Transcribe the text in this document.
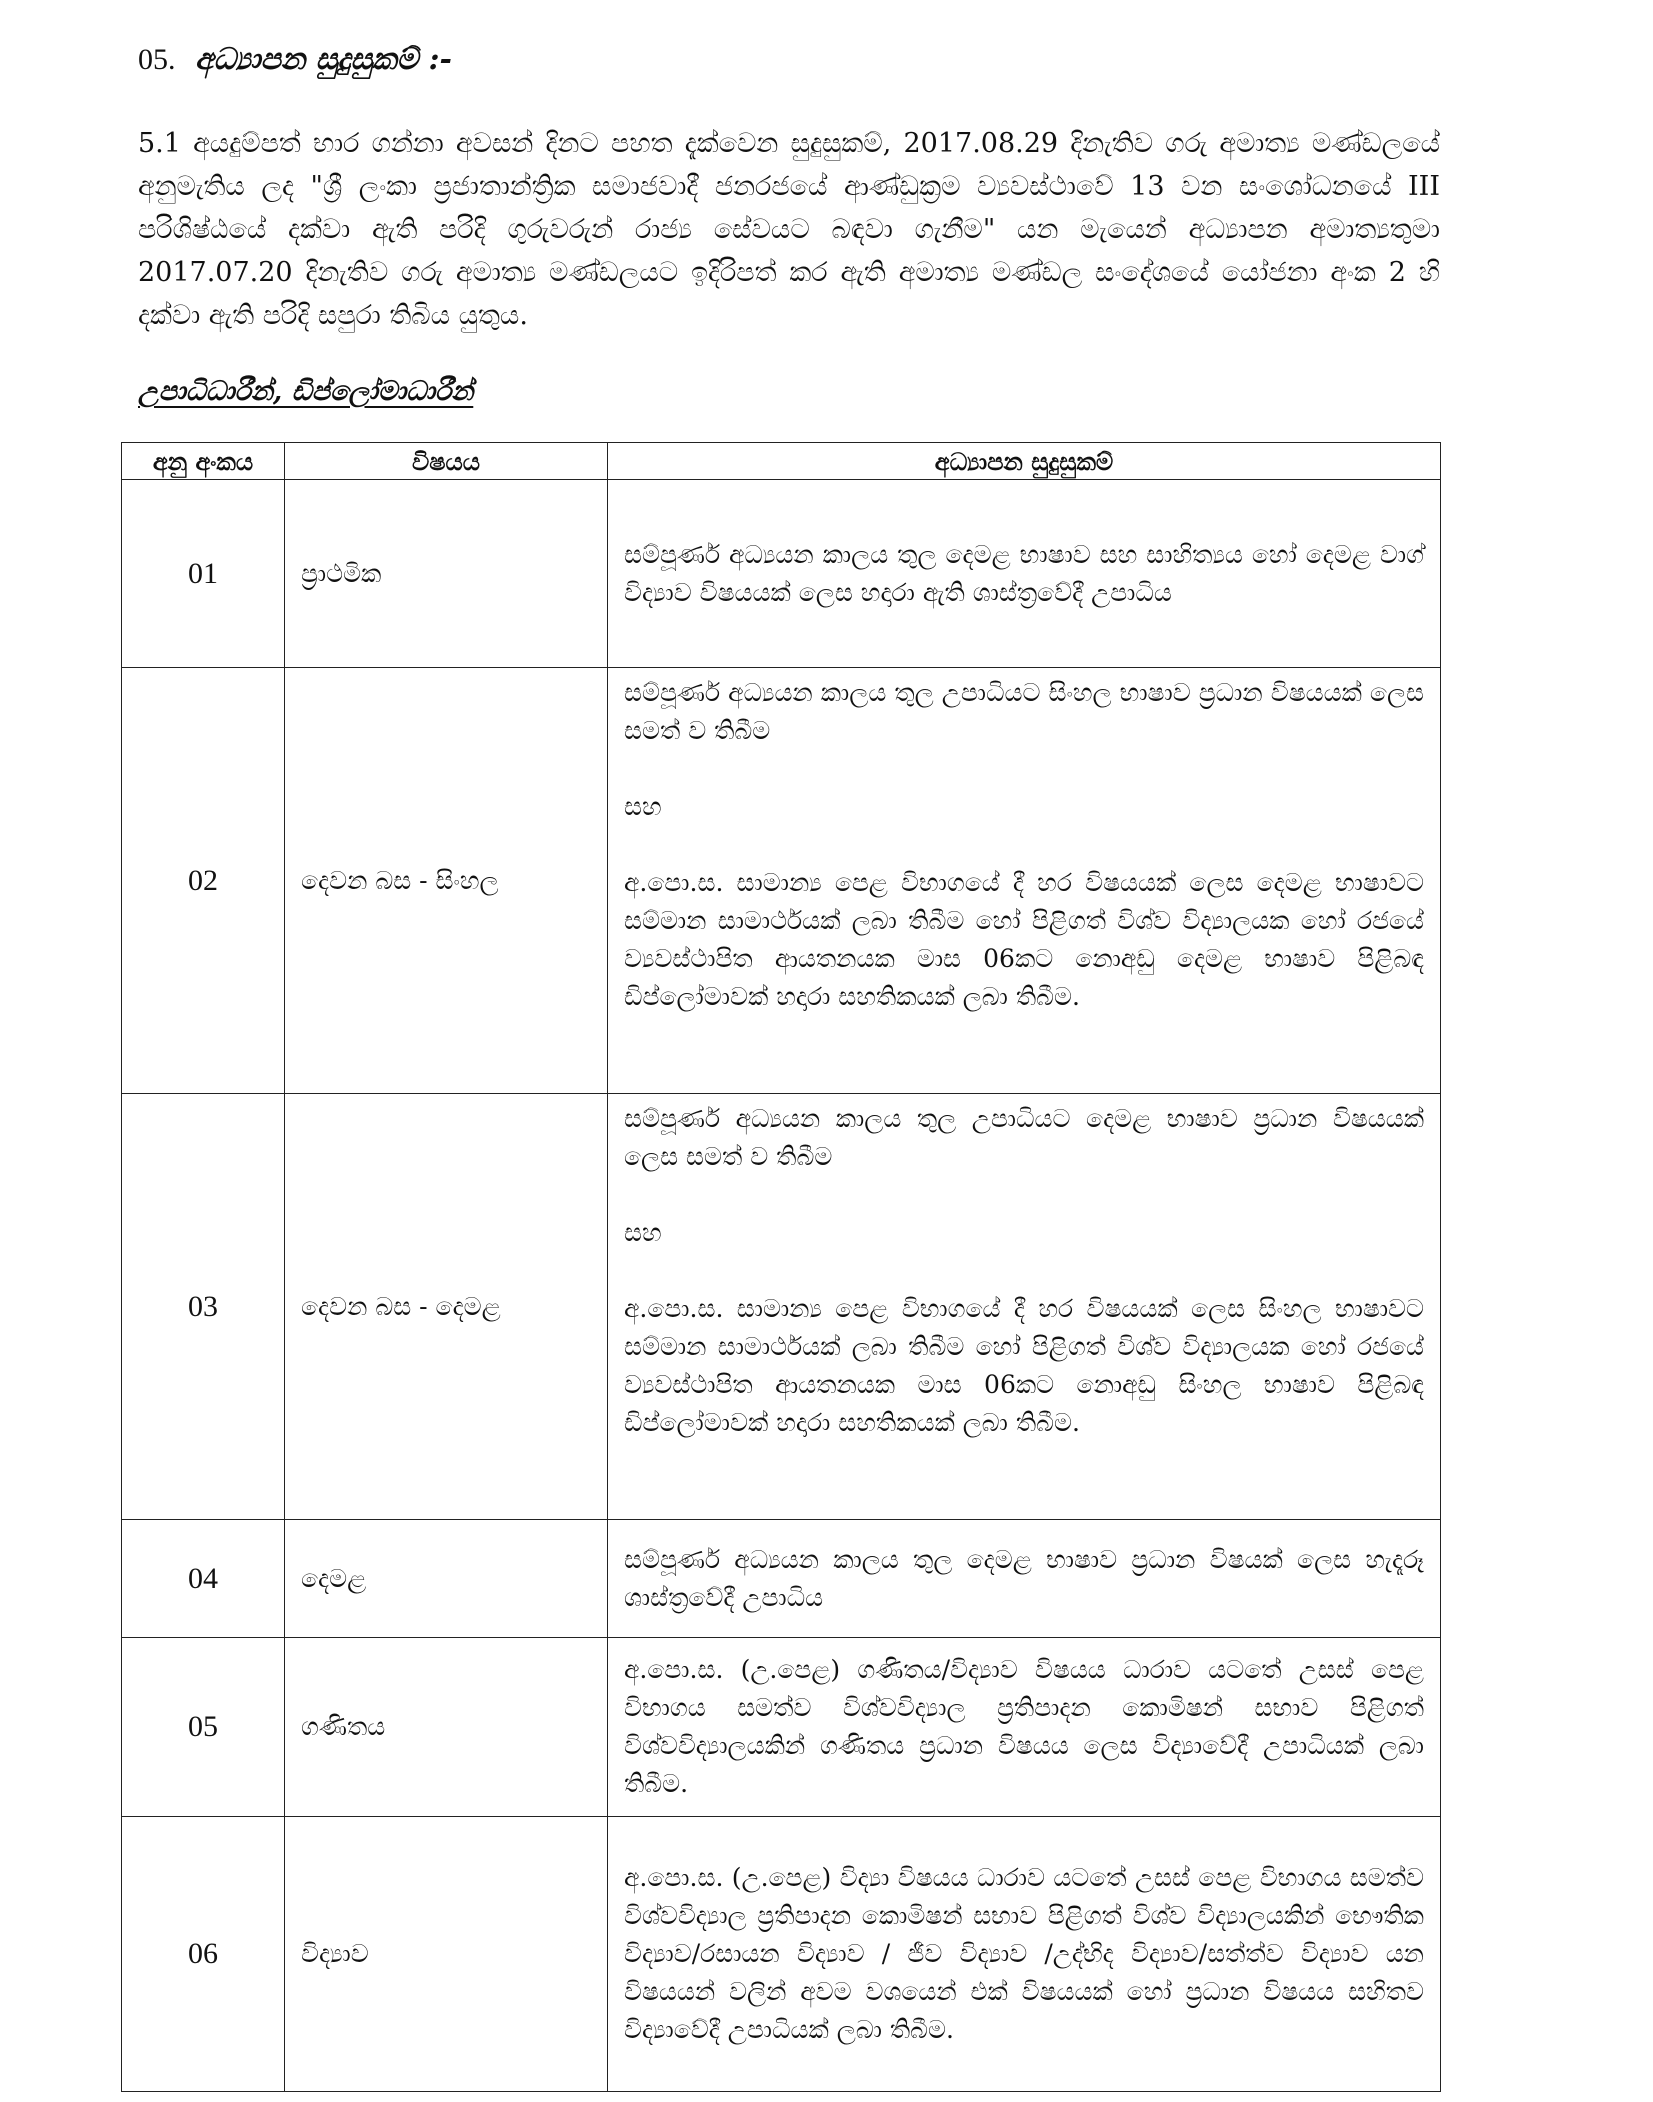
05. අධ්‍යාපන සුදුසුකම් :-
5.1 අයදුම්පත් භාර ගන්නා අවසන් දිනට පහත දැක්වෙන සුදුසුකම්, 2017.08.29 දිනැතිව ගරු අමාත්‍ය මණ්ඩලයේ අනුමැතිය ලද "ශ්‍රී ලංකා ප්‍රජාතාන්ත්‍රික සමාජවාදී ජනරජයේ ආණ්ඩුක්‍රම ව්‍යවස්ථාවේ 13 වන සංශෝධනයේ III පරිශිෂ්ඨයේ දක්වා ඇති පරිදි ගුරුවරුන් රාජ්‍ය සේවයට බඳවා ගැනීම" යන මැයෙන් අධ්‍යාපන අමාත්‍යතුමා 2017.07.20 දිනැතිව ගරු අමාත්‍ය මණ්ඩලයට ඉදිරිපත් කර ඇති අමාත්‍ය මණ්ඩල සංදේශයේ යෝජනා අංක 2 හි දක්වා ඇති පරිදි සපුරා තිබිය යුතුය.
උපාධිධාරීන්, ඩිප්ලෝමාධාරීන්
අනු අංකය	විෂයය	අධ්‍යාපන සුදුසුකම්
01	ප්‍රාථමික	සම්පූර්ණ අධ්‍යයන කාලය තුල දෙමළ භාෂාව සහ සාහිත්‍යය හෝ දෙමළ වාග් විද්‍යාව විෂයයක් ලෙස හදාරා ඇති ශාස්ත්‍රවේදී උපාධිය

02	දෙවන බස - සිංහල	සම්පූර්ණ අධ්‍යයන කාලය තුල උපාධියට සිංහල භාෂාව ප්‍රධාන විෂයයක් ලෙස සමත් ව තිබීම

සහ

අ.පො.ස. සාමාන්‍ය පෙළ විභාගයේ දී හර විෂයයක් ලෙස දෙමළ භාෂාවට සම්මාන සාමාර්ථයක් ලබා තිබීම හෝ පිළිගත් විශ්ව විද්‍යාලයක හෝ රජයේ ව්‍යවස්ථාපිත ආයතනයක මාස 06කට නොඅඩු දෙමළ භාෂාව පිළිබඳ ඩිප්ලෝමාවක් හදාරා සහතිකයක් ලබා තිබීම.

03	දෙවන බස - දෙමළ	සම්පූර්ණ අධ්‍යයන කාලය තුල උපාධියට දෙමළ භාෂාව ප්‍රධාන විෂයයක් ලෙස සමත් ව තිබීම

සහ

අ.පො.ස. සාමාන්‍ය පෙළ විභාගයේ දී හර විෂයයක් ලෙස සිංහල භාෂාවට සම්මාන සාමාර්ථයක් ලබා තිබීම හෝ පිළිගත් විශ්ව විද්‍යාලයක හෝ රජයේ ව්‍යවස්ථාපිත ආයතනයක මාස 06කට නොඅඩු සිංහල භාෂාව පිළිබඳ ඩිප්ලෝමාවක් හදාරා සහතිකයක් ලබා තිබීම.

04	දෙමළ	සම්පූර්ණ අධ්‍යයන කාලය තුල දෙමළ භාෂාව ප්‍රධාන විෂයක් ලෙස හැදෑරූ ශාස්ත්‍රවේදී උපාධිය

05	ගණිතය	අ.පො.ස. (උ.පෙළ) ගණිතය/විද්‍යාව විෂයය ධාරාව යටතේ උසස් පෙළ විභාගය සමත්ව විශ්වවිද්‍යාල ප්‍රතිපාදන කොමිෂන් සභාව පිළිගත් විශ්වවිද්‍යාලයකින් ගණිතය ප්‍රධාන විෂයය ලෙස විද්‍යාවේදී උපාධියක් ලබා තිබීම.

06	විද්‍යාව	අ.පො.ස. (උ.පෙළ) විද්‍යා විෂයය ධාරාව යටතේ උසස් පෙළ විභාගය සමත්ව විශ්වවිද්‍යාල ප්‍රතිපාදන කොමිෂන් සභාව පිළිගත් විශ්ව විද්‍යාලයකින් භෞතික විද්‍යාව/රසායන විද්‍යාව / ජීව විද්‍යාව /උද්භිද විද්‍යාව/සත්ත්ව විද්‍යාව යන විෂයයන් වලින් අවම වශයෙන් එක් විෂයයක් හෝ ප්‍රධාන විෂයය සහිතව විද්‍යාවේදී උපාධියක් ලබා තිබීම.
